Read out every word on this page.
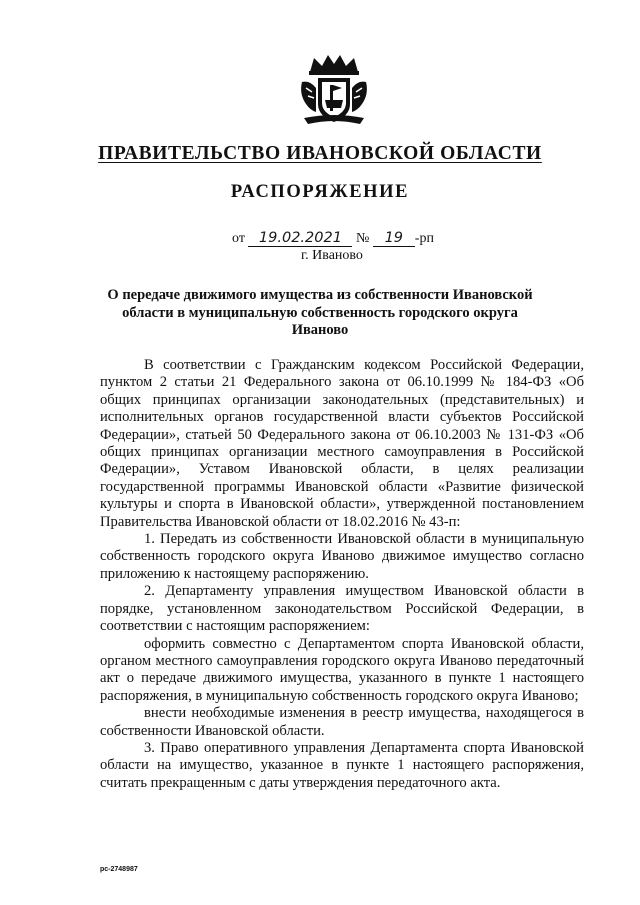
ПРАВИТЕЛЬСТВО ИВАНОВСКОЙ ОБЛАСТИ
РАСПОРЯЖЕНИЕ
от 19.02.2021 № 19 -рп
г. Иваново
О передаче движимого имущества из собственности Ивановской области в муниципальную собственность городского округа Иваново

В соответствии с Гражданским кодексом Российской Федерации, пунктом 2 статьи 21 Федерального закона от 06.10.1999 № 184-ФЗ «Об общих принципах организации законодательных (представительных) и исполнительных органов государственной власти субъектов Российской Федерации», статьей 50 Федерального закона от 06.10.2003 № 131-ФЗ «Об общих принципах организации местного самоуправления в Российской Федерации», Уставом Ивановской области, в целях реализации государственной программы Ивановской области «Развитие физической культуры и спорта в Ивановской области», утвержденной постановлением Правительства Ивановской области от 18.02.2016 № 43-п:

1. Передать из собственности Ивановской области в муниципальную собственность городского округа Иваново движимое имущество согласно приложению к настоящему распоряжению.

2. Департаменту управления имуществом Ивановской области в порядке, установленном законодательством Российской Федерации, в соответствии с настоящим распоряжением:

оформить совместно с Департаментом спорта Ивановской области, органом местного самоуправления городского округа Иваново передаточный акт о передаче движимого имущества, указанного в пункте 1 настоящего распоряжения, в муниципальную собственность городского округа Иваново;

внести необходимые изменения в реестр имущества, находящегося в собственности Ивановской области.

3. Право оперативного управления Департамента спорта Ивановской области на имущество, указанное в пункте 1 настоящего распоряжения, считать прекращенным с даты утверждения передаточного акта.

рс-2748987
